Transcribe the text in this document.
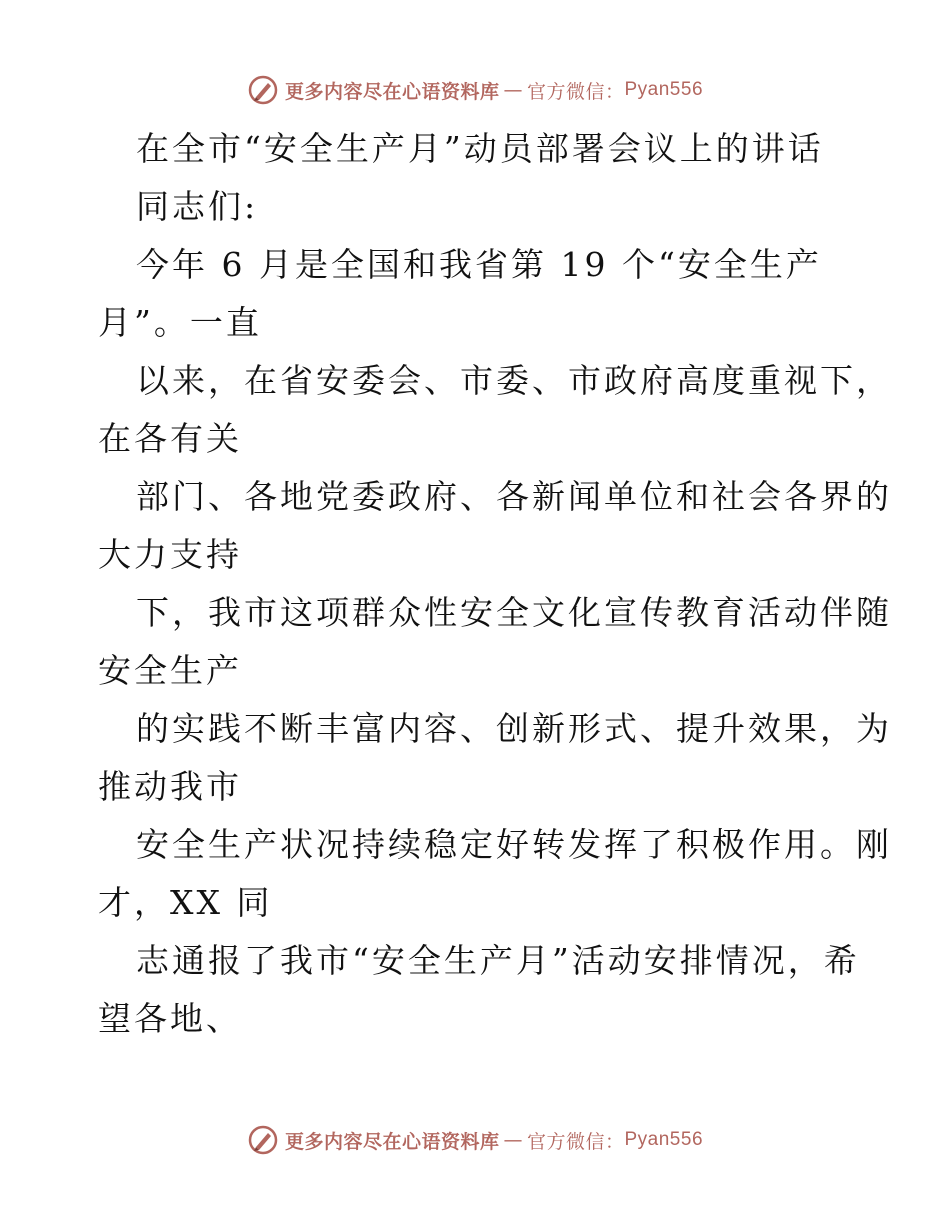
更多内容尽在心语资料库 — 官方微信： Pyan556
在全市“安全生产月”动员部署会议上的讲话
同志们:
今年 6 月是全国和我省第 19 个“安全生产
月”。一直
以来，在省安委会、市委、市政府高度重视下，
在各有关
部门、各地党委政府、各新闻单位和社会各界的
大力支持
下，我市这项群众性安全文化宣传教育活动伴随
安全生产
的实践不断丰富内容、创新形式、提升效果，为
推动我市
安全生产状况持续稳定好转发挥了积极作用。刚
才，XX 同
志通报了我市“安全生产月”活动安排情况，希
望各地、
更多内容尽在心语资料库 — 官方微信： Pyan556
